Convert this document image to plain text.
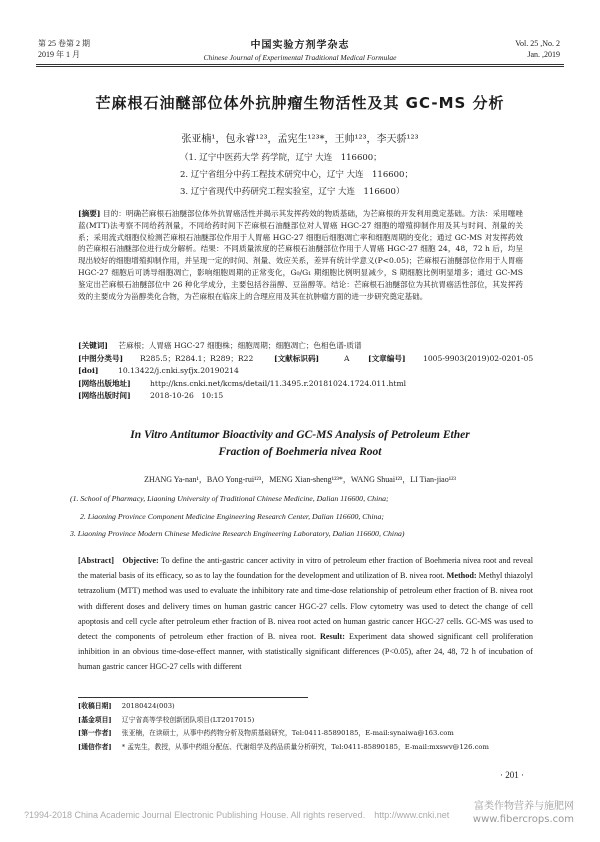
第 25 卷第 2 期
2019 年 1 月
中国实验方剂学杂志
Chinese Journal of Experimental Traditional Medical Formulae
Vol. 25 ,No. 2
Jan. ,2019
芒麻根石油醚部位体外抗肿瘤生物活性及其 GC-MS 分析
张亚楠¹，包永睿¹²³，孟宪生¹²³*，王帅¹²³，李天骄¹²³
（1. 辽宁中医药大学 药学院，辽宁 大连　116600；
2. 辽宁省组分中药工程技术研究中心，辽宁 大连　116600；
3. 辽宁省现代中药研究工程实验室，辽宁 大连　116600）
[摘要] 目的：明确芒麻根石油醚部位体外抗胃癌活性并揭示其发挥药效的物质基础，为芒麻根的开发利用奠定基础。方法：采用噻唑蓝(MTT)法考察不同给药剂量，不同给药时间下芒麻根石油醚部位对人胃癌 HGC-27 细胞的增殖抑制作用及其与时间、剂量的关系；采用流式细胞仪检测芒麻根石油醚部位作用于人胃癌 HGC-27 细胞后细胞凋亡率和细胞周期的变化；通过 GC-MS 对发挥药效的芒麻根石油醚部位进行成分解析。结果：不同质量浓度的芒麻根石油醚部位作用于人胃癌 HGC-27 细胞 24，48，72 h 后，均呈现出较好的细胞增殖抑制作用，并呈现一定的时间、剂量、效应关系，差异有统计学意义(P<0.05)；芒麻根石油醚部位作用于人胃癌 HGC-27 细胞后可诱导细胞凋亡，影响细胞周期的正常变化，G₀/G₁ 期细胞比例明显减少，S 期细胞比例明显增多；通过 GC-MS 鉴定出芒麻根石油醚部位中 26 种化学成分，主要包括谷甾醇、豆甾醇等。结论：芒麻根石油醚部位为其抗胃癌活性部位，其发挥药效的主要成分为甾醇类化合物，为芒麻根在临床上的合理应用及其在抗肿瘤方面的进一步研究奠定基础。
[关键词] 芒麻根；人胃癌 HGC-27 细胞株；细胞周期；细胞凋亡；色相色谱-质谱
[中图分类号] R285.5；R284.1；R289；R22	[文献标识码]	A [文章编号] 1005-9903(2019)02-0201-05
[doi]	10.13422/j.cnki.syfjx.20190214
[网络出版地址]	http://kns.cnki.net/kcms/detail/11.3495.r.20181024.1724.011.html
[网络出版时间]	2018-10-26　10:15
In Vitro Antitumor Bioactivity and GC-MS Analysis of Petroleum Ether
Fraction of Boehmeria nivea Root
ZHANG Ya-nan¹，BAO Yong-rui¹²³，MENG Xian-sheng¹²³*，WANG Shuai¹²³，LI Tian-jiao¹²³
(1. School of Pharmacy, Liaoning University of Traditional Chinese Medicine, Dalian 116600, China;
2. Liaoning Province Component Medicine Engineering Research Center, Dalian 116600, China;
3. Liaoning Province Modern Chinese Medicine Research Engineering Laboratory, Dalian 116600, China)
[Abstract] Objective: To define the anti-gastric cancer activity in vitro of petroleum ether fraction of Boehmeria nivea root and reveal the material basis of its efficacy, so as to lay the foundation for the development and utilization of B. nivea root. Method: Methyl thiazolyl tetrazolium (MTT) method was used to evaluate the inhibitory rate and time-dose relationship of petroleum ether fraction of B. nivea root with different doses and delivery times on human gastric cancer HGC-27 cells. Flow cytometry was used to detect the change of cell apoptosis and cell cycle after petroleum ether fraction of B. nivea root acted on human gastric cancer HGC-27 cells. GC-MS was used to detect the components of petroleum ether fraction of B. nivea root. Result: Experiment data showed significant cell proliferation inhibition in an obvious time-dose-effect manner, with statistically significant differences (P<0.05), after 24, 48, 72 h of incubation of human gastric cancer HGC-27 cells with different
[收稿日期] 20180424(003)
[基金项目] 辽宁省高等学校创新团队项目(LT2017015)
[第一作者] 张亚楠，在读硕士，从事中药药物分析及物质基础研究，Tel:0411-85890185，E-mail:synaiwa@163.com
[通信作者] * 孟宪生，教授，从事中药组分配伍、代谢组学及药品质量分析研究，Tel:0411-85890185，E-mail:mxswv@126.com
· 201 ·
?1994-2018 China Academic Journal Electronic Publishing House. All rights reserved.　http://www.cnki.net
富类作物营养与施肥网
www.fibercrops.com
